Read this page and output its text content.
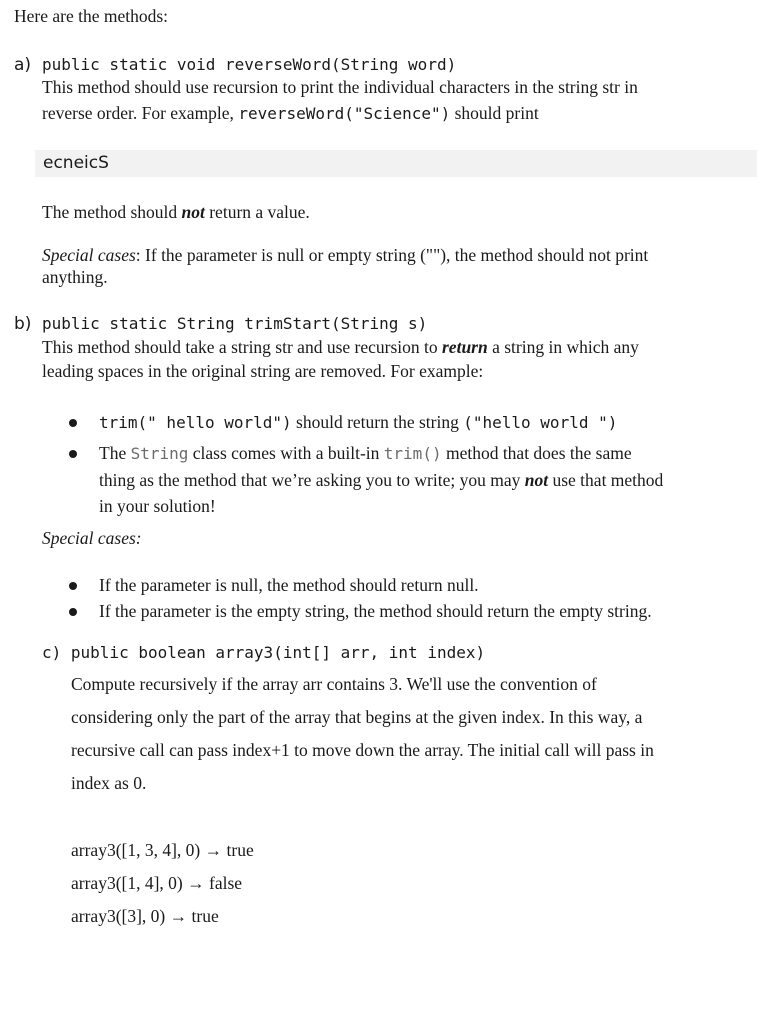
Here are the methods:
a) public static void reverseWord(String word)
This method should use recursion to print the individual characters in the string str in
reverse order. For example, reverseWord("Science") should print
ecneicS
The method should not return a value.
Special cases: If the parameter is null or empty string (""), the method should not print
anything.
b) public static String trimStart(String s)
This method should take a string str and use recursion to return a string in which any
leading spaces in the original string are removed. For example:
trim(" hello world") should return the string ("hello world ")
The String class comes with a built-in trim() method that does the same
thing as the method that we’re asking you to write; you may not use that method
in your solution!
Special cases:
If the parameter is null, the method should return null.
If the parameter is the empty string, the method should return the empty string.
c) public boolean array3(int[] arr, int index)
Compute recursively if the array arr contains 3. We'll use the convention of
considering only the part of the array that begins at the given index. In this way, a
recursive call can pass index+1 to move down the array. The initial call will pass in
index as 0.
array3([1, 3, 4], 0) → true
array3([1, 4], 0) → false
array3([3], 0) → true
